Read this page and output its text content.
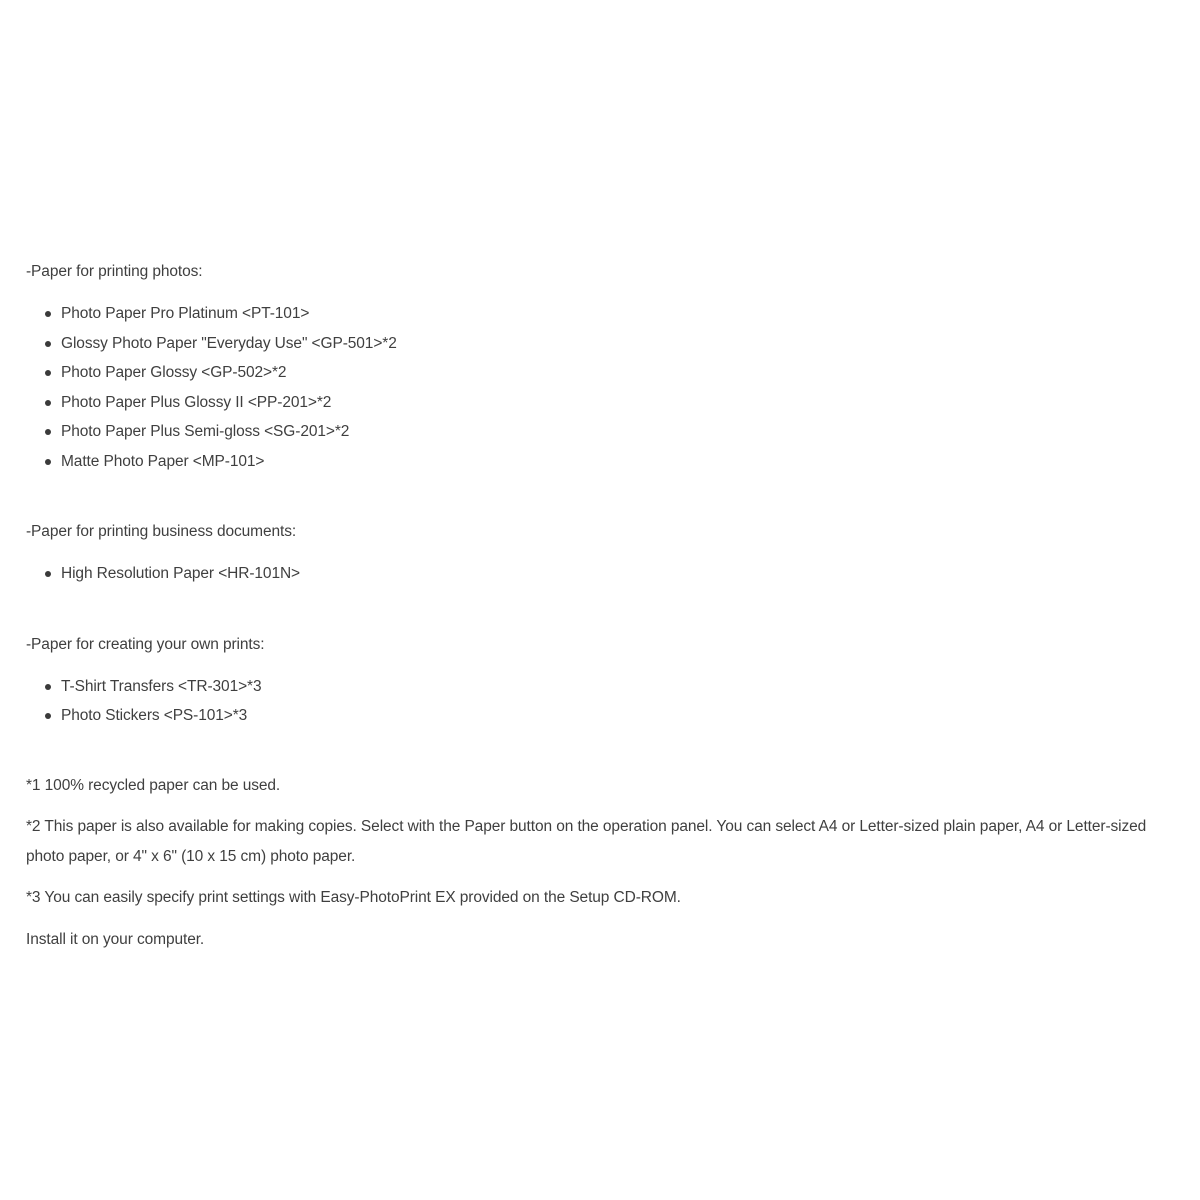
-Paper for printing photos:

Photo Paper Pro Platinum <PT-101>
Glossy Photo Paper "Everyday Use" <GP-501>*2
Photo Paper Glossy <GP-502>*2
Photo Paper Plus Glossy II <PP-201>*2
Photo Paper Plus Semi-gloss <SG-201>*2
Matte Photo Paper <MP-101>

-Paper for printing business documents:

High Resolution Paper <HR-101N>

-Paper for creating your own prints:

T-Shirt Transfers <TR-301>*3
Photo Stickers <PS-101>*3

*1 100% recycled paper can be used.

*2 This paper is also available for making copies. Select with the Paper button on the operation panel. You can select A4 or Letter-sized plain paper, A4 or Letter-sized photo paper, or 4" x 6" (10 x 15 cm) photo paper.

*3 You can easily specify print settings with Easy-PhotoPrint EX provided on the Setup CD-ROM.

Install it on your computer.
